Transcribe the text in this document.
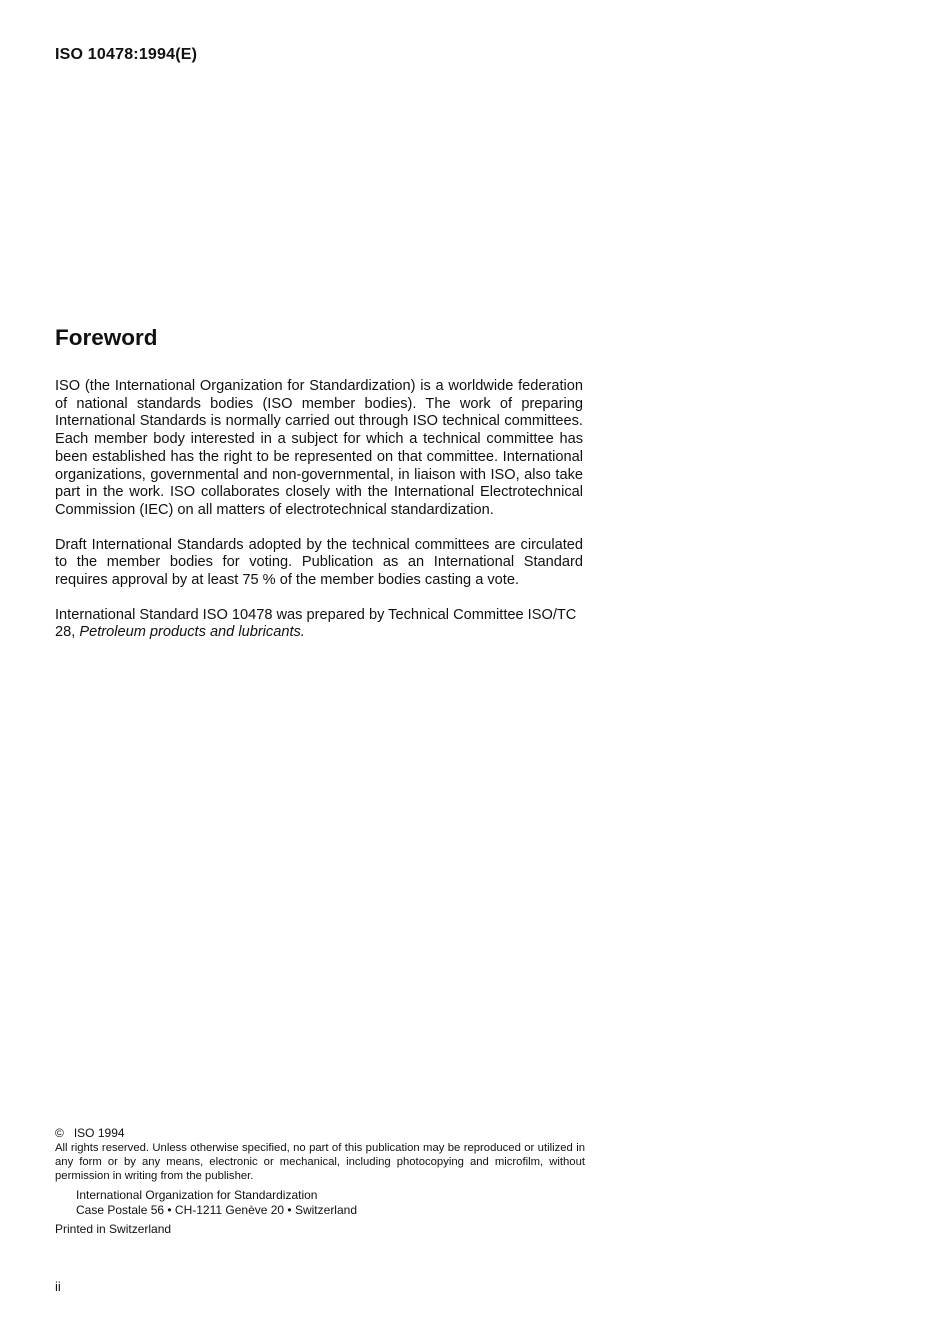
ISO 10478:1994(E)
Foreword

ISO (the International Organization for Standardization) is a worldwide federation of national standards bodies (ISO member bodies). The work of preparing International Standards is normally carried out through ISO technical committees. Each member body interested in a subject for which a technical committee has been established has the right to be represented on that committee. International organizations, governmental and non-governmental, in liaison with ISO, also take part in the work. ISO collaborates closely with the International Electrotechnical Commission (IEC) on all matters of electrotechnical standardization.

Draft International Standards adopted by the technical committees are circulated to the member bodies for voting. Publication as an International Standard requires approval by at least 75 % of the member bodies casting a vote.

International Standard ISO 10478 was prepared by Technical Committee ISO/TC 28, Petroleum products and lubricants.

© ISO 1994
All rights reserved. Unless otherwise specified, no part of this publication may be reproduced or utilized in any form or by any means, electronic or mechanical, including photocopying and microfilm, without permission in writing from the publisher.
International Organization for Standardization
Case Postale 56 • CH-1211 Genève 20 • Switzerland
Printed in Switzerland
ii
